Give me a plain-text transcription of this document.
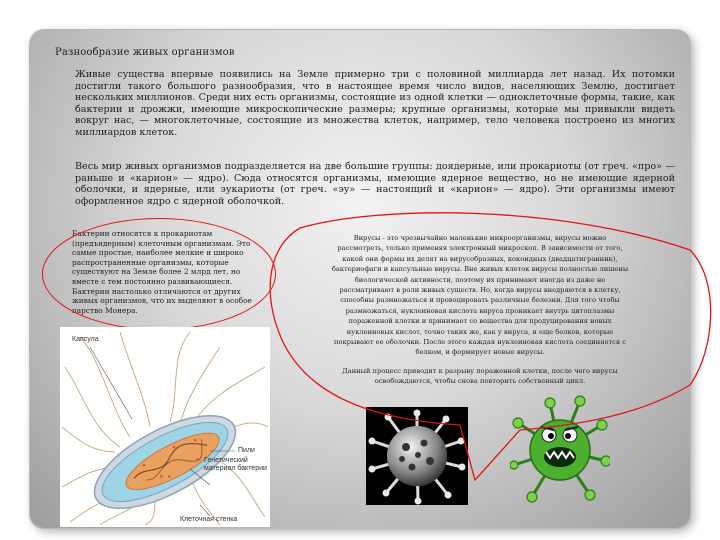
Разнообразие живых организмов
Живые существа впервые появились на Земле примерно три с половиной миллиарда лет назад. Их потомки достигли такого большого разнообразия, что в настоящее время число видов, населяющих Землю, достигает нескольких миллионов. Среди них есть организмы, состоящие из одной клетки — одноклеточные формы, такие, как бактерии и дрожжи, имеющие микроскопические размеры; крупные организмы, которые мы привыкли видеть вокруг нас, — многоклеточные, состоящие из множества клеток, например, тело человека построено из многих миллиардов клеток.
Весь мир живых организмов подразделяется на две большие группы: доядерные, или прокариоты (от греч. «про» — раньше и «карион» — ядро). Сюда относятся организмы, имеющие ядерное вещество, но не имеющие ядерной оболочки, и ядерные, или эукариоты (от греч. «эу» — настоящий и «карион» — ядро). Эти организмы имеют оформленное ядро с ядерной оболочкой.
Бактерии относятся к прокариотам (предъядерным) клеточным организмам. Это самые простые, наиболее мелкие и широко распространенные организмы, которые существуют на Земле более 2 млрд лет, но вместе с тем постоянно развивающиеся. Бактерии настолько отличаются от других живых организмов, что их выделяют в особое царство Монера.

Вирусы - это чрезвычайно маленькие микроорганизмы, вирусы можно рассмотреть, только применяя электронный микроскоп. В зависимости от того, какой они формы их делят на вирусобразных, кокоидных (двадцатигранник), бактериофаги и капсульные вирусы. Вне живых клеток вирусы полностью лишены биологической активности, поэтому их принимают иногда из даже не рассматривают в роли живых существ. Но, когда вирусы внедряются в клетку, способны размножаться и провоцировать различные болезни. Для того чтобы размножаться, нуклеиновая кислота вируса проникает внутрь цитоплазмы пораженной клетки и принимает со вещества для продуцирования новых нуклеиновых кислот, точно таких же, как у вируса, и еще белков, которые покрывают ее оболочки. После этого каждая нуклеиновая кислота соединяется с белком, и формирует новые вирусы.

Данный процесс приводит к разрыву пораженной клетки, после чего вирусы освобождаются, чтобы снова повторить собственный цикл.

Капсула
Пили
Генетический материал бактерии
Клеточная стенка
